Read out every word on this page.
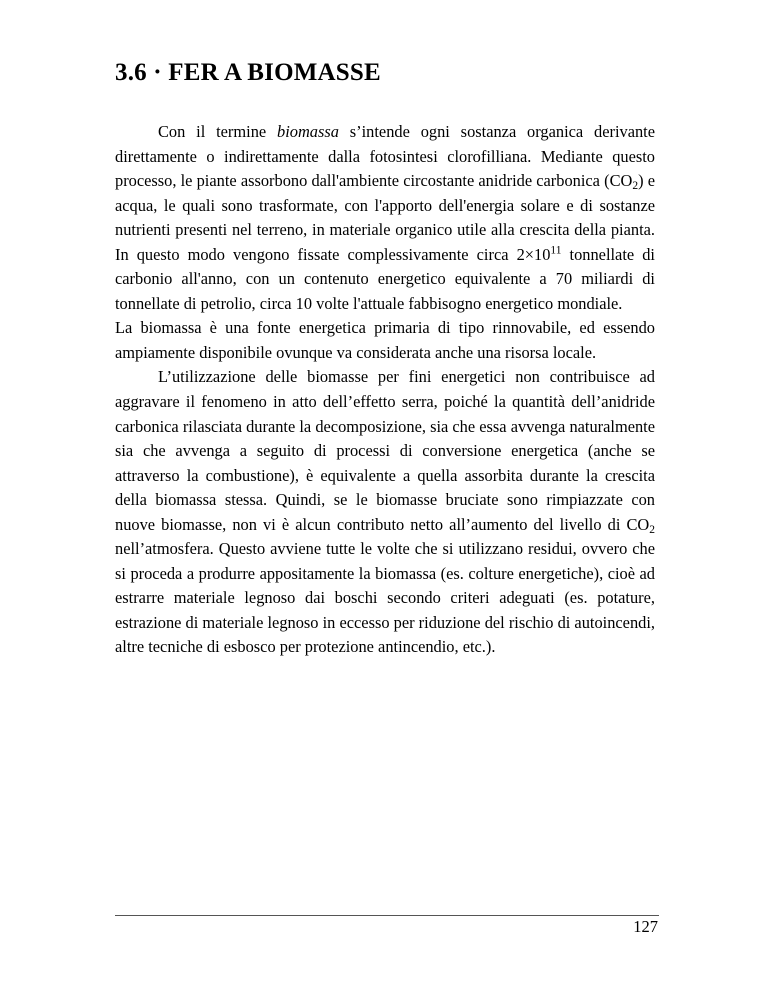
3.6 · FER A BIOMASSE

Con il termine biomassa s’intende ogni sostanza organica derivante direttamente o indirettamente dalla fotosintesi clorofilliana. Mediante questo processo, le piante assorbono dall'ambiente circostante anidride carbonica $(CO_2)$ e acqua, le quali sono trasformate, con l'apporto dell'energia solare e di sostanze nutrienti presenti nel terreno, in materiale organico utile alla crescita della pianta. In questo modo vengono fissate complessivamente circa $2\times 10^{11}$ tonnellate di carbonio all'anno, con un contenuto energetico equivalente a 70 miliardi di tonnellate di petrolio, circa 10 volte l'attuale fabbisogno energetico mondiale.

La biomassa è una fonte energetica primaria di tipo rinnovabile, ed essendo ampiamente disponibile ovunque va considerata anche una risorsa locale.

L’utilizzazione delle biomasse per fini energetici non contribuisce ad aggravare il fenomeno in atto dell’effetto serra, poiché la quantità dell’anidride carbonica rilasciata durante la decomposizione, sia che essa avvenga naturalmente sia che avvenga a seguito di processi di conversione energetica (anche se attraverso la combustione), è equivalente a quella assorbita durante la crescita della biomassa stessa. Quindi, se le biomasse bruciate sono rimpiazzate con nuove biomasse, non vi è alcun contributo netto all’aumento del livello di $CO_2$ nell’atmosfera. Questo avviene tutte le volte che si utilizzano residui, ovvero che si proceda a produrre appositamente la biomassa (es. colture energetiche), cioè ad estrarre materiale legnoso dai boschi secondo criteri adeguati (es. potature, estrazione di materiale legnoso in eccesso per riduzione del rischio di autoincendi, altre tecniche di esbosco per protezione antincendio, etc.).

127
